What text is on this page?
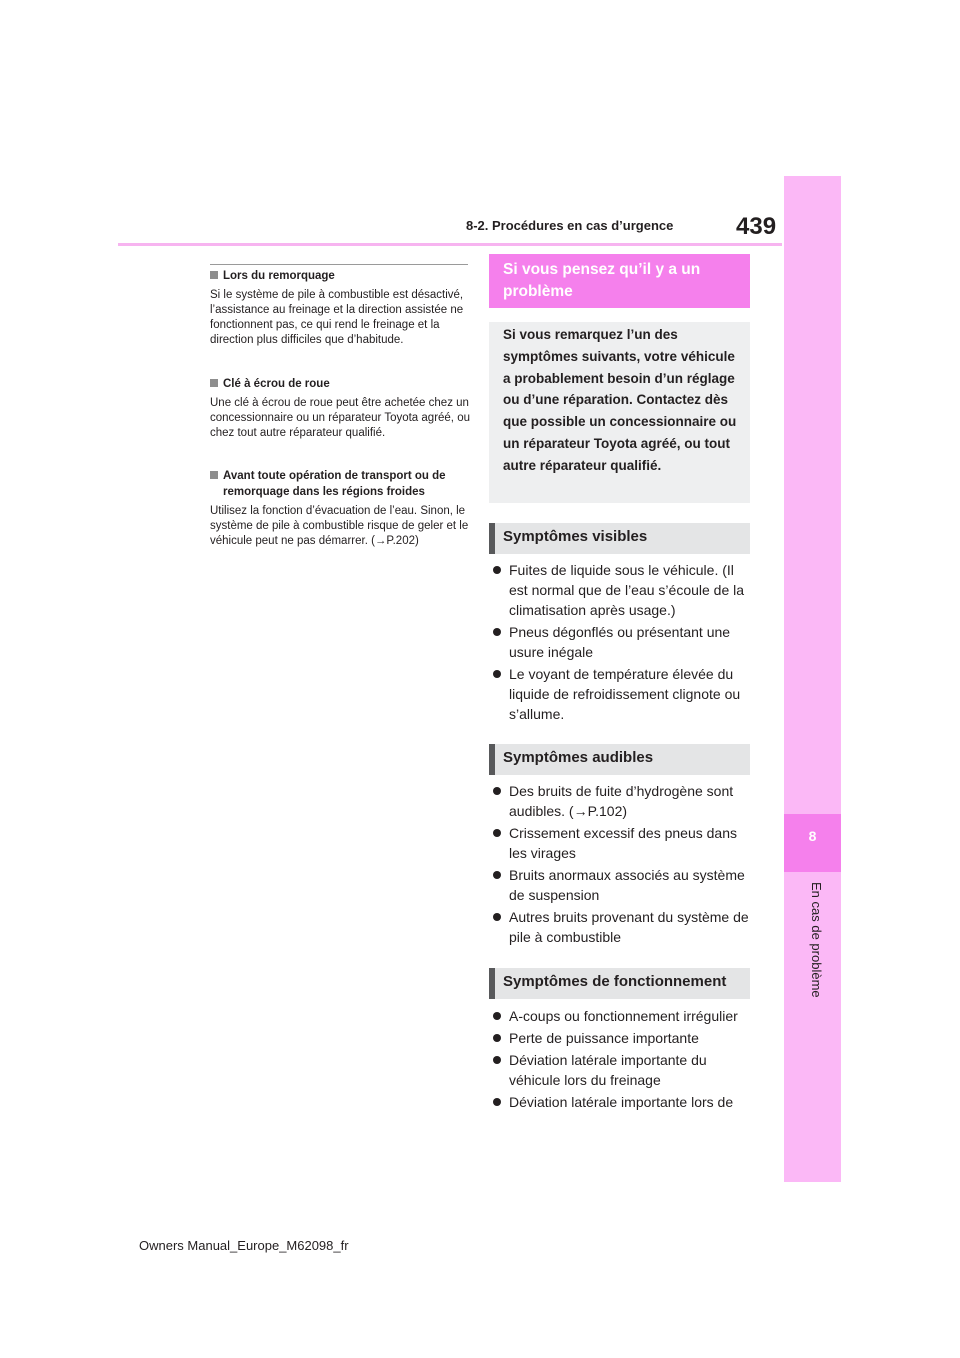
8-2. Procédures en cas d’urgence	439
8
En cas de problème
Lors du remorquage
Si le système de pile à combustible est désactivé, l’assistance au freinage et la direction assistée ne fonctionnent pas, ce qui rend le freinage et la direction plus difficiles que d’habitude.
Clé à écrou de roue
Une clé à écrou de roue peut être achetée chez un concessionnaire ou un réparateur Toyota agréé, ou chez tout autre réparateur qualifié.
Avant toute opération de transport ou de remorquage dans les régions froides
Utilisez la fonction d’évacuation de l’eau. Sinon, le système de pile à combustible risque de geler et le véhicule peut ne pas démarrer. (→P.202)
Si vous pensez qu’il y a un problème
Si vous remarquez l’un des symptômes suivants, votre véhicule a probablement besoin d’un réglage ou d’une réparation. Contactez dès que possible un concessionnaire ou un réparateur Toyota agréé, ou tout autre réparateur qualifié.
Symptômes visibles
Fuites de liquide sous le véhicule. (Il est normal que de l’eau s’écoule de la climatisation après usage.)
Pneus dégonflés ou présentant une usure inégale
Le voyant de température élevée du liquide de refroidissement clignote ou s’allume.
Symptômes audibles
Des bruits de fuite d’hydrogène sont audibles. (→P.102)
Crissement excessif des pneus dans les virages
Bruits anormaux associés au système de suspension
Autres bruits provenant du système de pile à combustible
Symptômes de fonctionnement
A-coups ou fonctionnement irrégulier
Perte de puissance importante
Déviation latérale importante du véhicule lors du freinage
Déviation latérale importante lors de
Owners Manual_Europe_M62098_fr
